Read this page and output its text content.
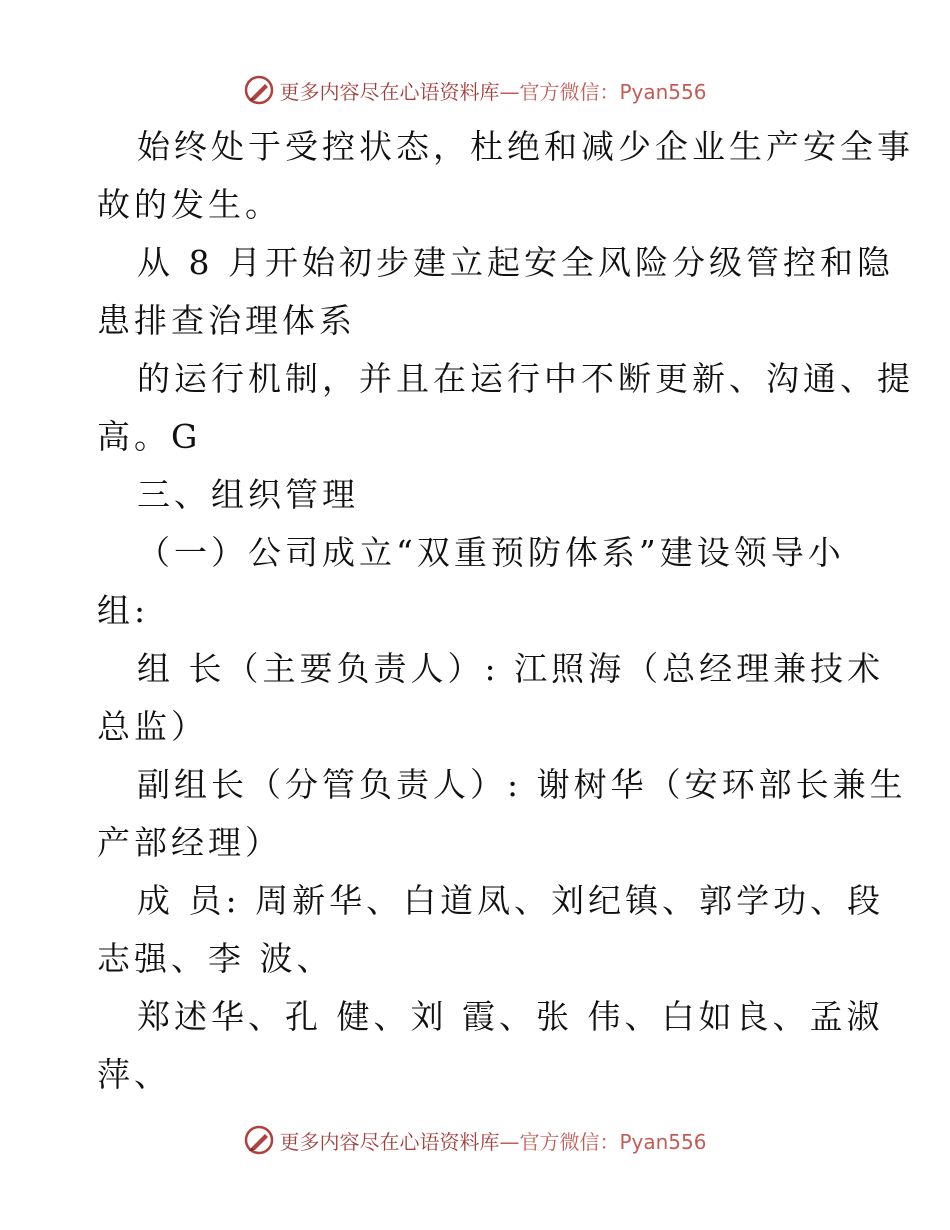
更多内容尽在心语资料库 —官方微信：Pyan556
始终处于受控状态，杜绝和减少企业生产安全事
故的发生。
从 8 月开始初步建立起安全风险分级管控和隐
患排查治理体系
的运行机制，并且在运行中不断更新、沟通、提
高。G
三、组织管理
（一）公司成立“双重预防体系”建设领导小
组:
组 长（主要负责人）: 江照海（总经理兼技术
总监）
副组长（分管负责人）: 谢树华（安环部长兼生
产部经理）
成 员: 周新华、白道凤、刘纪镇、郭学功、段
志强、李 波、
郑述华、孔 健、刘 霞、张 伟、白如良、孟淑
萍、
更多内容尽在心语资料库 —官方微信：Pyan556
